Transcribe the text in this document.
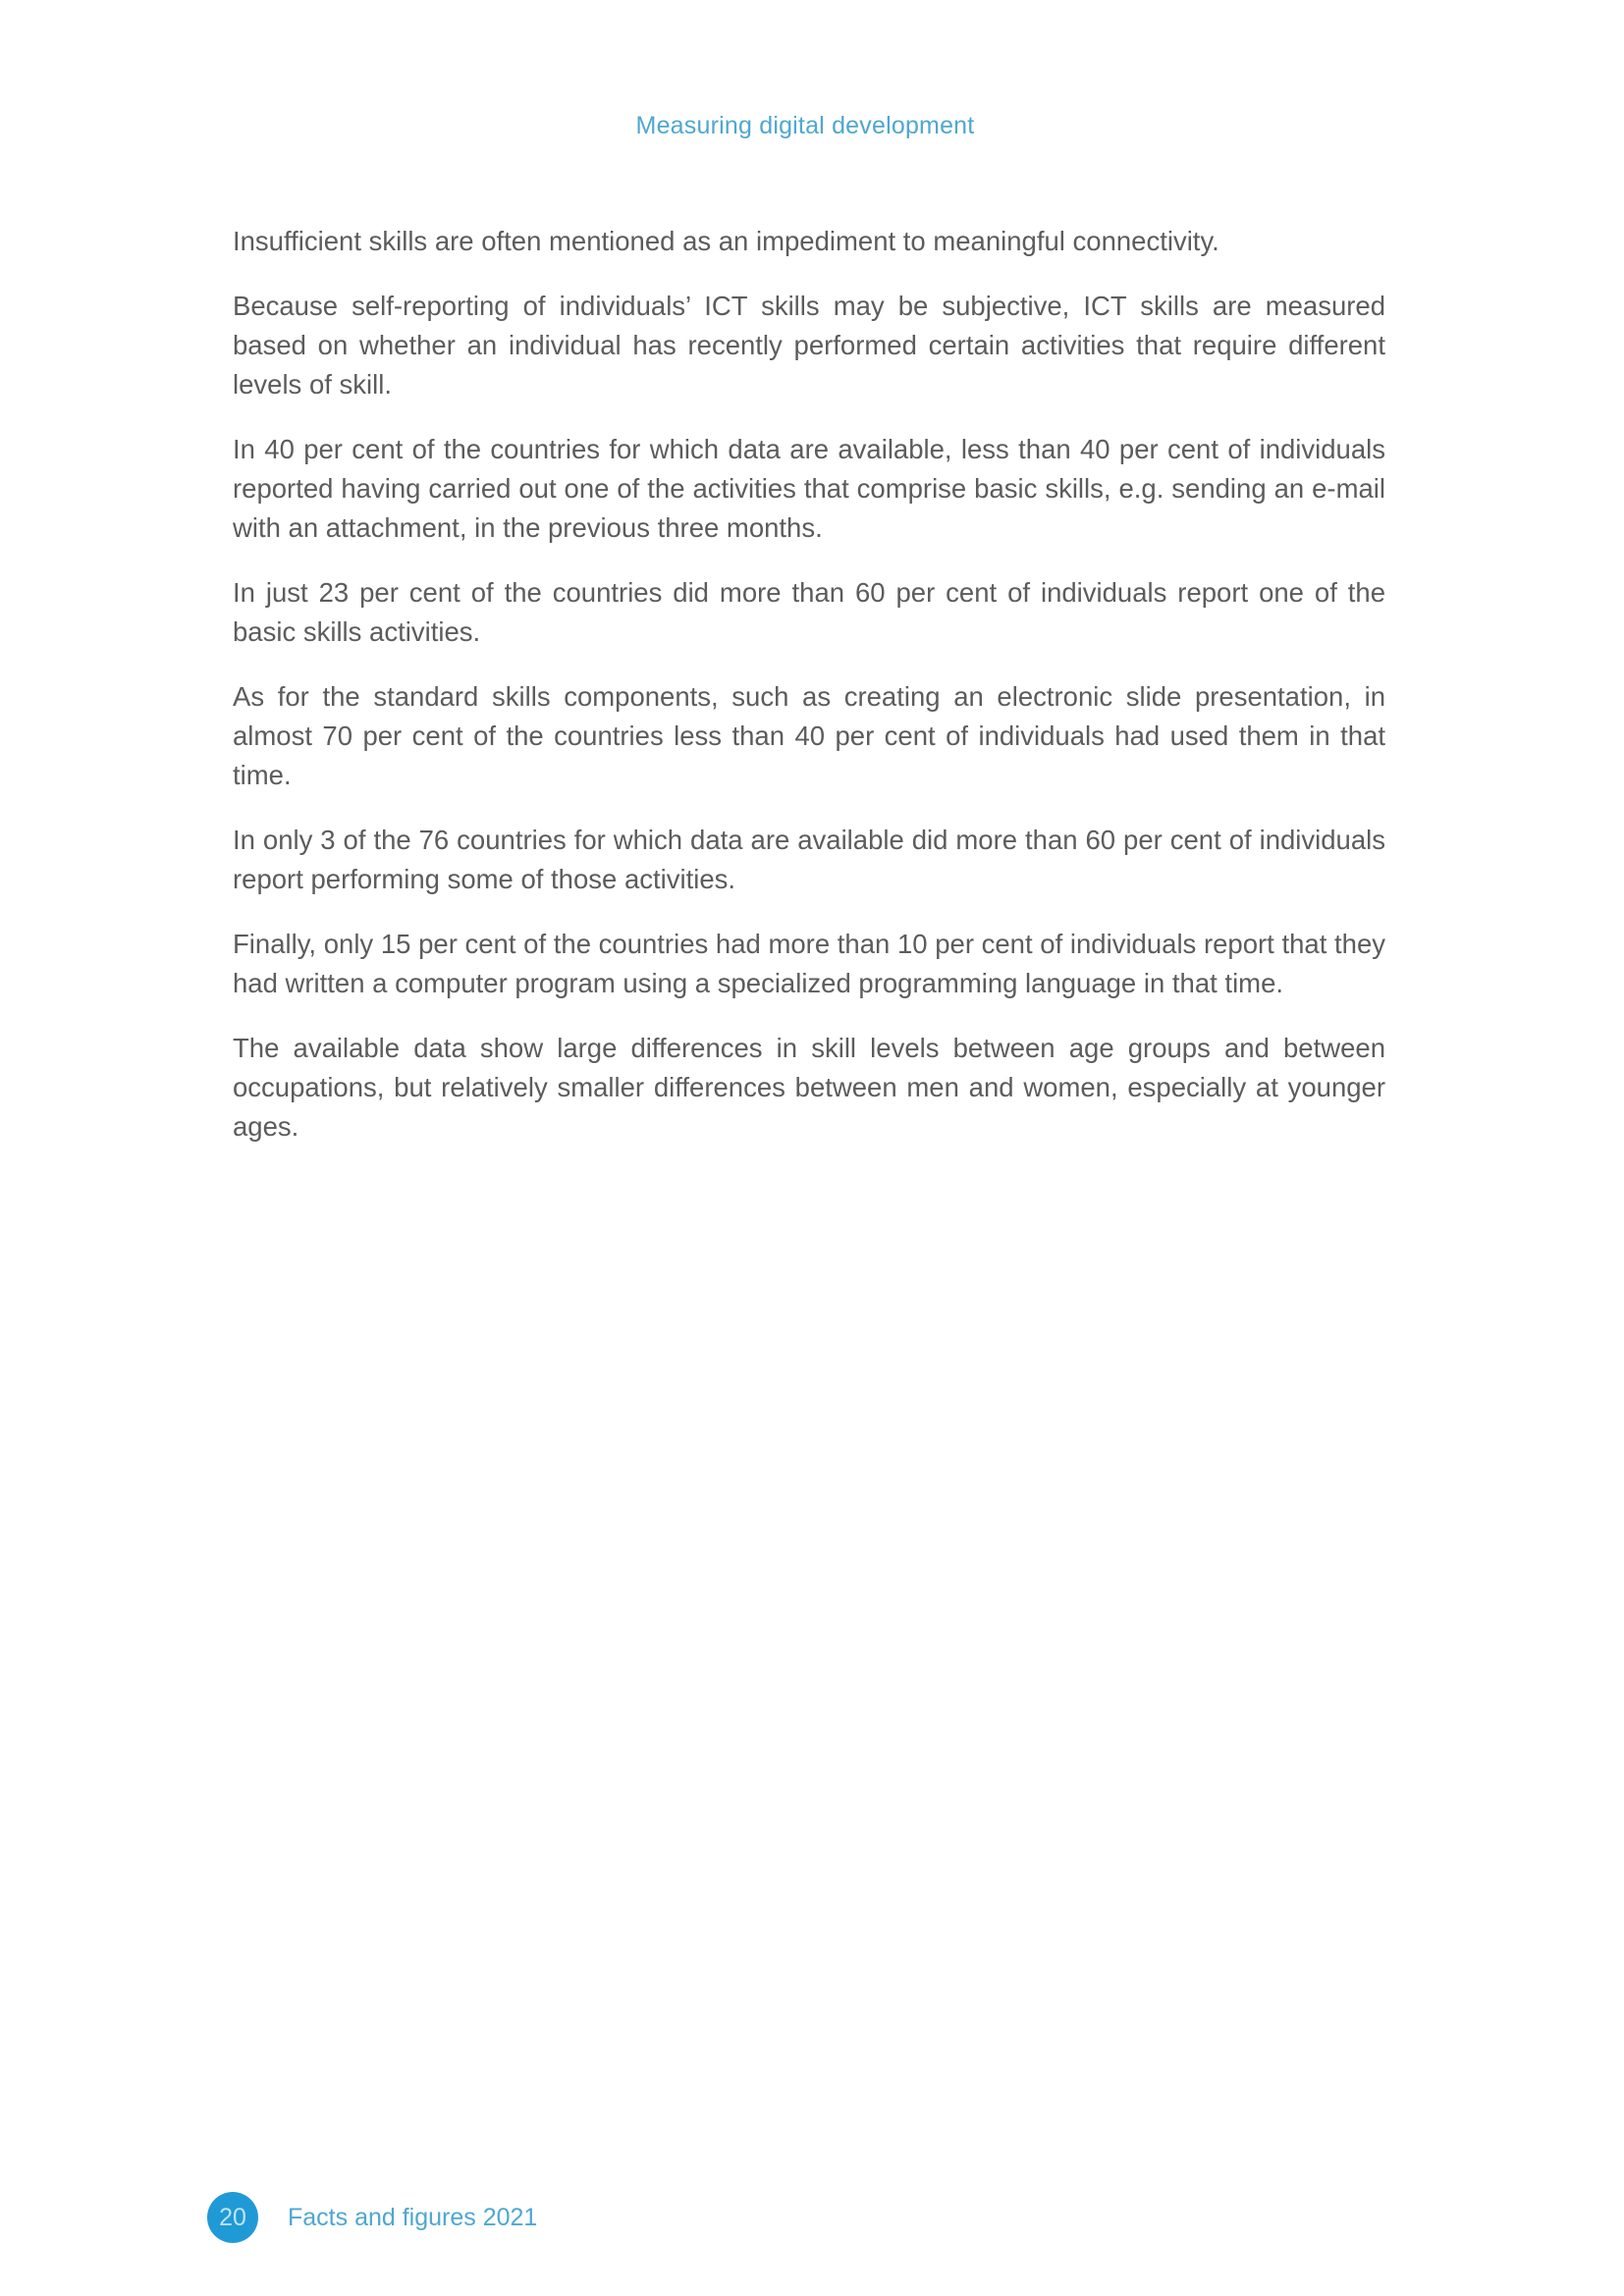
Measuring digital development

Insufficient skills are often mentioned as an impediment to meaningful connectivity.

Because self-reporting of individuals’ ICT skills may be subjective, ICT skills are measured based on whether an individual has recently performed certain activities that require different levels of skill.

In 40 per cent of the countries for which data are available, less than 40 per cent of individuals reported having carried out one of the activities that comprise basic skills, e.g. sending an e-mail with an attachment, in the previous three months.

In just 23 per cent of the countries did more than 60 per cent of individuals report one of the basic skills activities.

As for the standard skills components, such as creating an electronic slide presentation, in almost 70 per cent of the countries less than 40 per cent of individuals had used them in that time.

In only 3 of the 76 countries for which data are available did more than 60 per cent of individuals report performing some of those activities.

Finally, only 15 per cent of the countries had more than 10 per cent of individuals report that they had written a computer program using a specialized programming language in that time.

The available data show large differences in skill levels between age groups and between occupations, but relatively smaller differences between men and women, especially at younger ages.

20	Facts and figures 2021
